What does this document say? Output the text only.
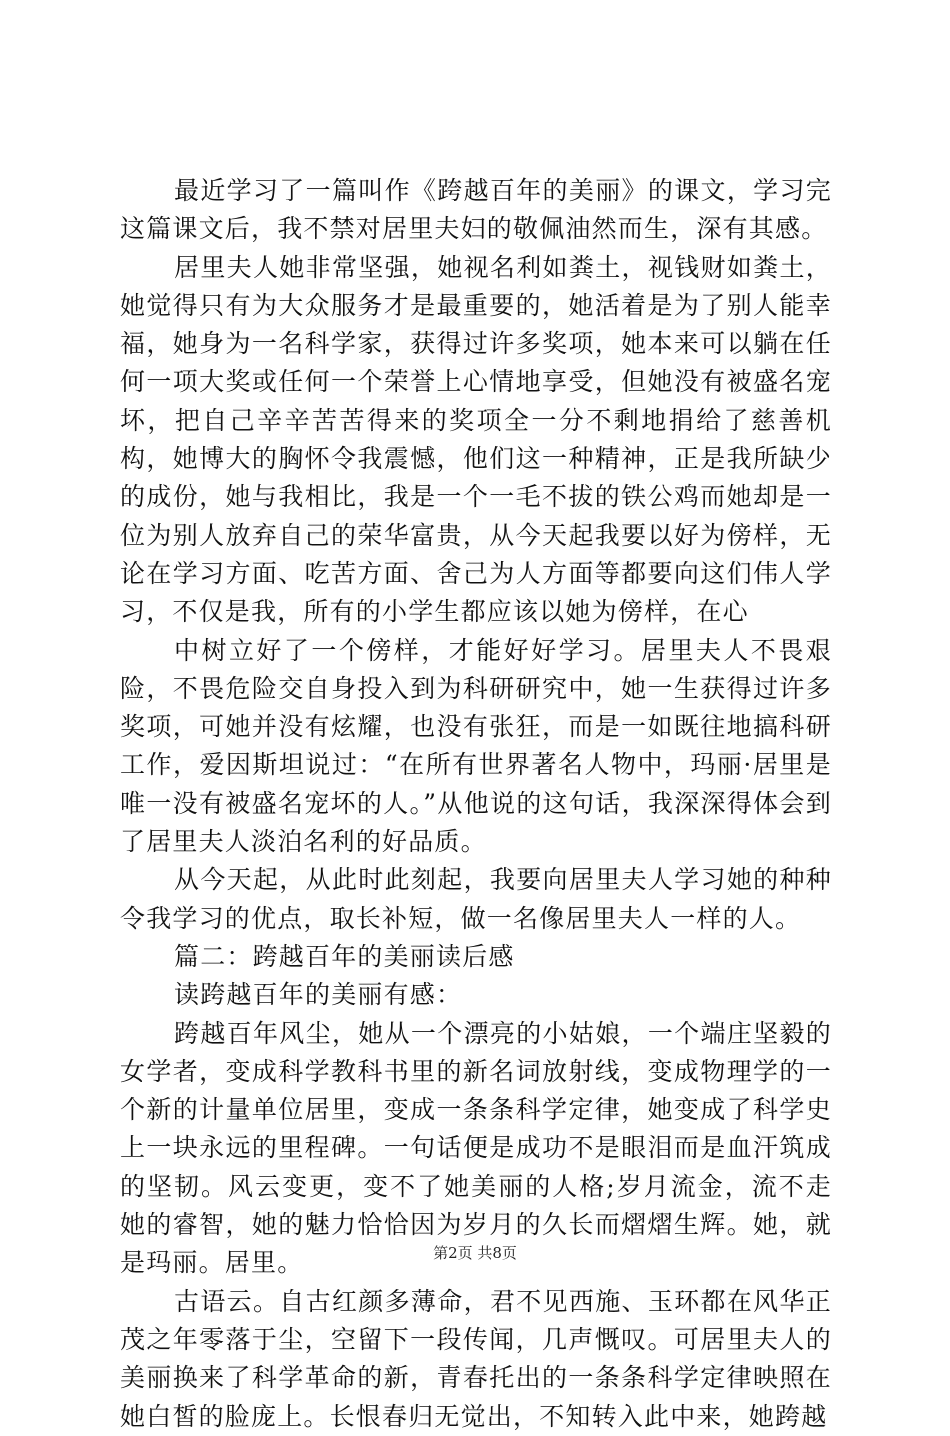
最近学习了一篇叫作《跨越百年的美丽》的课文，学习完这篇课文后，我不禁对居里夫妇的敬佩油然而生，深有其感。

居里夫人她非常坚强，她视名利如粪土，视钱财如粪土，她觉得只有为大众服务才是最重要的，她活着是为了别人能幸福，她身为一名科学家，获得过许多奖项，她本来可以躺在任何一项大奖或任何一个荣誉上心情地享受，但她没有被盛名宠坏，把自己辛辛苦苦得来的奖项全一分不剩地捐给了慈善机构，她博大的胸怀令我震憾，他们这一种精神，正是我所缺少的成份，她与我相比，我是一个一毛不拔的铁公鸡而她却是一位为别人放弃自己的荣华富贵，从今天起我要以好为傍样，无论在学习方面、吃苦方面、舍己为人方面等都要向这们伟人学习，不仅是我，所有的小学生都应该以她为傍样，在心

中树立好了一个傍样，才能好好学习。居里夫人不畏艰险，不畏危险交自身投入到为科研研究中，她一生获得过许多奖项，可她并没有炫耀，也没有张狂，而是一如既往地搞科研工作，爱因斯坦说过：“在所有世界著名人物中，玛丽·居里是唯一没有被盛名宠坏的人。”从他说的这句话，我深深得体会到了居里夫人淡泊名利的好品质。

从今天起，从此时此刻起，我要向居里夫人学习她的种种令我学习的优点，取长补短，做一名像居里夫人一样的人。

篇二：跨越百年的美丽读后感

读跨越百年的美丽有感：

跨越百年风尘，她从一个漂亮的小姑娘，一个端庄坚毅的女学者，变成科学教科书里的新名词放射线，变成物理学的一个新的计量单位居里，变成一条条科学定律，她变成了科学史上一块永远的里程碑。一句话便是成功不是眼泪而是血汗筑成的坚韧。风云变更，变不了她美丽的人格;岁月流金，流不走她的睿智，她的魅力恰恰因为岁月的久长而熠熠生辉。她，就是玛丽。居里。

古语云。自古红颜多薄命，君不见西施、玉环都在风华正茂之年零落于尘，空留下一段传闻，几声慨叹。可居里夫人的美丽换来了科学革命的新，青春托出的一条条科学定律映照在她白皙的脸庞上。长恨春归无觉出，不知转入此中来，她跨越

第2页 共8页
